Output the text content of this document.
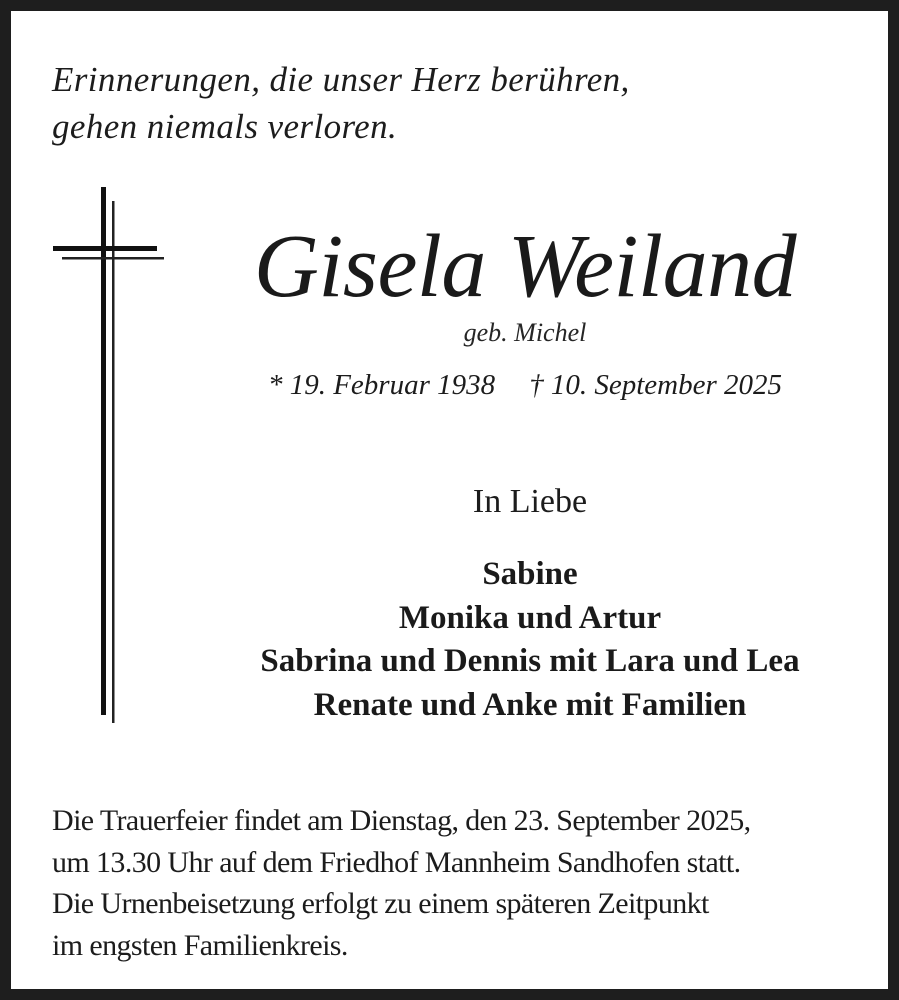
Erinnerungen, die unser Herz berühren,
gehen niemals verloren.
Gisela Weiland
geb. Michel
* 19. Februar 1938 † 10. September 2025
In Liebe
Sabine
Monika und Artur
Sabrina und Dennis mit Lara und Lea
Renate und Anke mit Familien
Die Trauerfeier findet am Dienstag, den 23. September 2025,
um 13.30 Uhr auf dem Friedhof Mannheim Sandhofen statt.
Die Urnenbeisetzung erfolgt zu einem späteren Zeitpunkt
im engsten Familienkreis.
